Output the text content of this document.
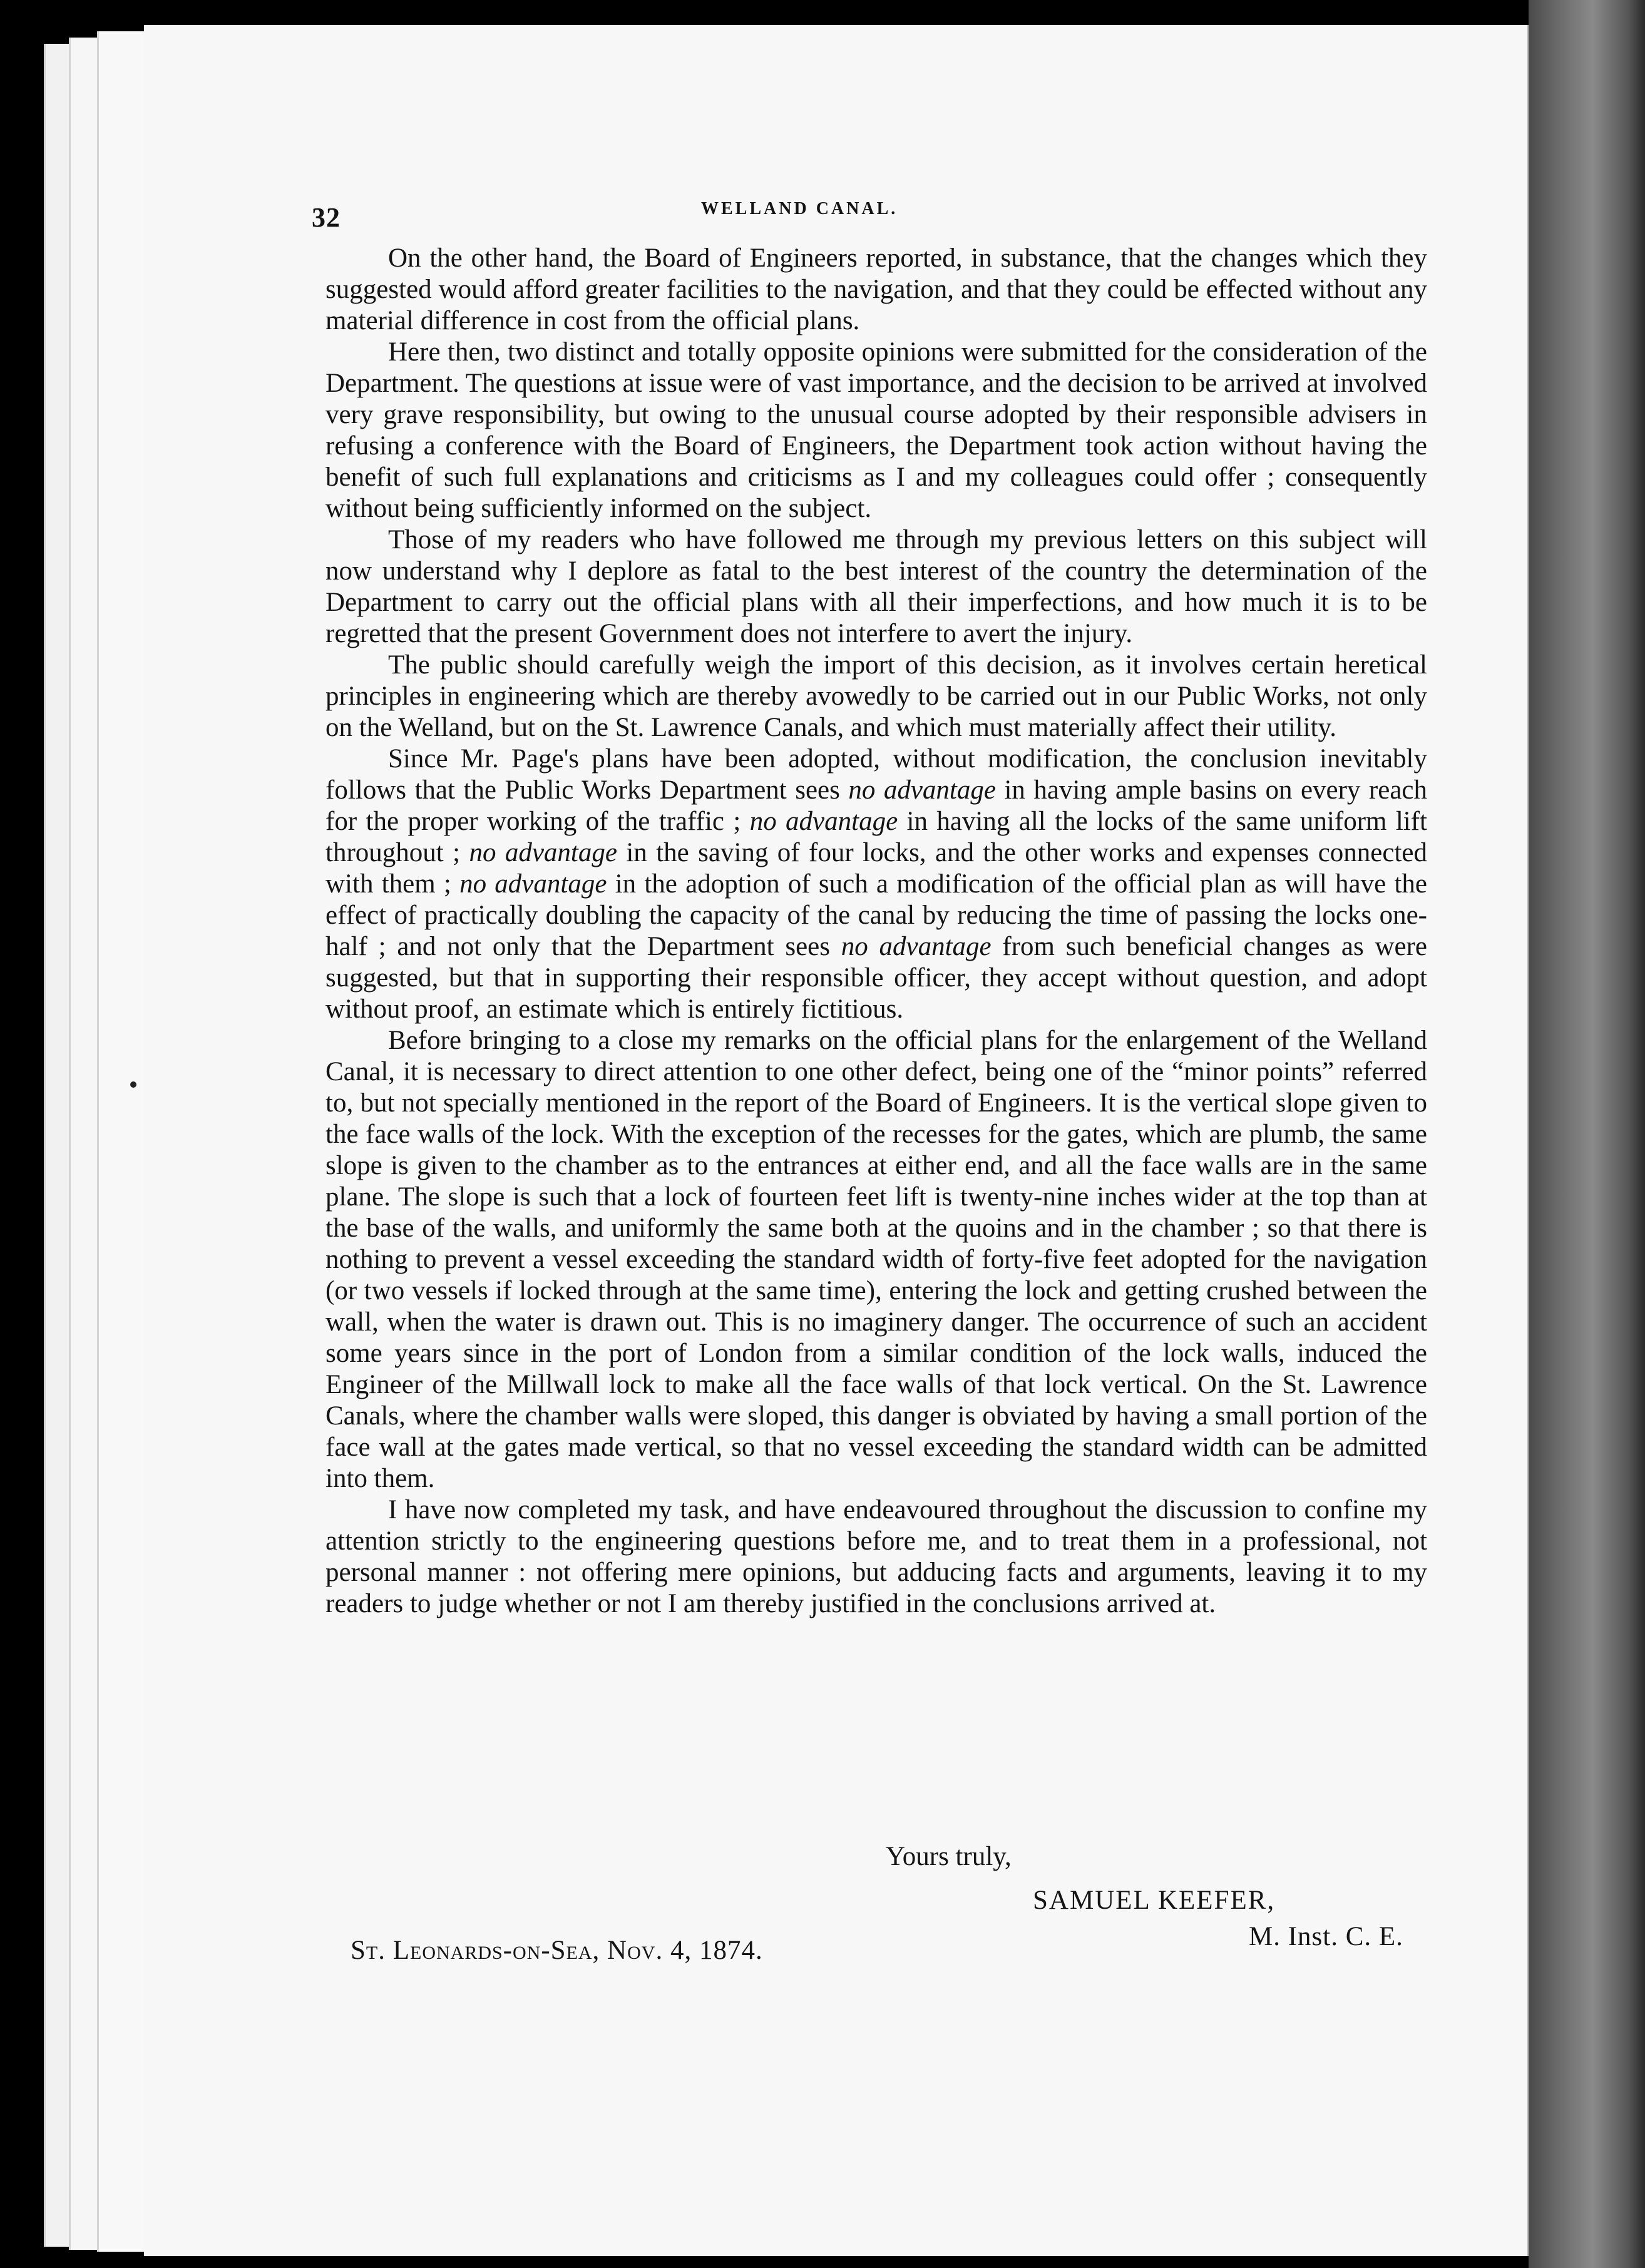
32	WELLAND CANAL.

On the other hand, the Board of Engineers reported, in substance, that the changes which they suggested would afford greater facilities to the navigation, and that they could be effected without any material difference in cost from the official plans.

Here then, two distinct and totally opposite opinions were submitted for the consideration of the Department. The questions at issue were of vast importance, and the decision to be arrived at involved very grave responsibility, but owing to the unusual course adopted by their responsible advisers in refusing a conference with the Board of Engineers, the Department took action without having the benefit of such full explanations and criticisms as I and my colleagues could offer ; consequently without being sufficiently informed on the subject.

Those of my readers who have followed me through my previous letters on this subject will now understand why I deplore as fatal to the best interest of the country the determination of the Department to carry out the official plans with all their imperfections, and how much it is to be regretted that the present Government does not interfere to avert the injury.

The public should carefully weigh the import of this decision, as it involves certain heretical principles in engineering which are thereby avowedly to be carried out in our Public Works, not only on the Welland, but on the St. Lawrence Canals, and which must materially affect their utility.

Since Mr. Page's plans have been adopted, without modification, the conclusion inevitably follows that the Public Works Department sees no advantage in having ample basins on every reach for the proper working of the traffic ; no advantage in having all the locks of the same uniform lift throughout ; no advantage in the saving of four locks, and the other works and expenses connected with them ; no advantage in the adoption of such a modification of the official plan as will have the effect of practically doubling the capacity of the canal by reducing the time of passing the locks one-half ; and not only that the Department sees no advantage from such beneficial changes as were suggested, but that in supporting their responsible officer, they accept without question, and adopt without proof, an estimate which is entirely fictitious.

Before bringing to a close my remarks on the official plans for the enlargement of the Welland Canal, it is necessary to direct attention to one other defect, being one of the “minor points” referred to, but not specially mentioned in the report of the Board of Engineers. It is the vertical slope given to the face walls of the lock. With the exception of the recesses for the gates, which are plumb, the same slope is given to the chamber as to the entrances at either end, and all the face walls are in the same plane. The slope is such that a lock of fourteen feet lift is twenty-nine inches wider at the top than at the base of the walls, and uniformly the same both at the quoins and in the chamber ; so that there is nothing to prevent a vessel exceeding the standard width of forty-five feet adopted for the navigation (or two vessels if locked through at the same time), entering the lock and getting crushed between the wall, when the water is drawn out. This is no imaginery danger. The occurrence of such an accident some years since in the port of London from a similar condition of the lock walls, induced the Engineer of the Millwall lock to make all the face walls of that lock vertical. On the St. Lawrence Canals, where the chamber walls were sloped, this danger is obviated by having a small portion of the face wall at the gates made vertical, so that no vessel exceeding the standard width can be admitted into them.

I have now completed my task, and have endeavoured throughout the discussion to confine my attention strictly to the engineering questions before me, and to treat them in a professional, not personal manner : not offering mere opinions, but adducing facts and arguments, leaving it to my readers to judge whether or not I am thereby justified in the conclusions arrived at.

Yours truly,
SAMUEL KEEFER,
M. Inst. C. E.
St. Leonards-on-Sea, Nov. 4, 1874.
